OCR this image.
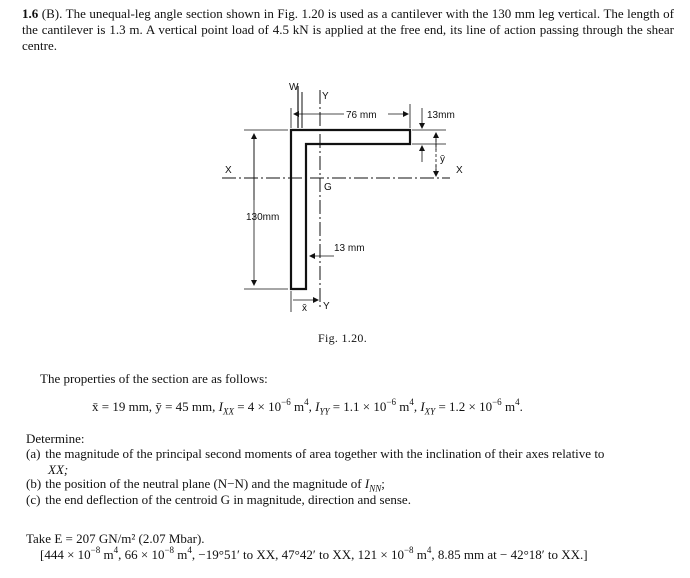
1.6 (B). The unequal-leg angle section shown in Fig. 1.20 is used as a cantilever with the 130 mm leg vertical. The length of the cantilever is 1.3 m. A vertical point load of 4.5 kN is applied at the free end, its line of action passing through the shear centre.
W
Y
Y
X	X
G
76 mm	13mm
130mm
13 mm
ȳ
x̄
Fig. 1.20.
The properties of the section are as follows:
x̄ = 19 mm, ȳ = 45 mm, $I_{XX} = 4 \times 10^{-6}$ $m^4$, $I_{YY} = 1.1 \times 10^{-6}$ $m^4$, $I_{XY} = 1.2 \times 10^{-6}$ $m^4$.
Determine:
(a) the magnitude of the principal second moments of area together with the inclination of their axes relative to
XX;
(b) the position of the neutral plane (N−N) and the magnitude of $I_{NN}$;
(c) the end deflection of the centroid G in magnitude, direction and sense.
Take E = 207 GN/m² (2.07 Mbar).
[$444 \times 10^{-8}$ $m^4$, $66 \times 10^{-8}$ $m^4$, −19°51′ to XX, 47°42′ to XX, $121 \times 10^{-8}$ $m^4$, 8.85 mm at − 42°18′ to XX.]
